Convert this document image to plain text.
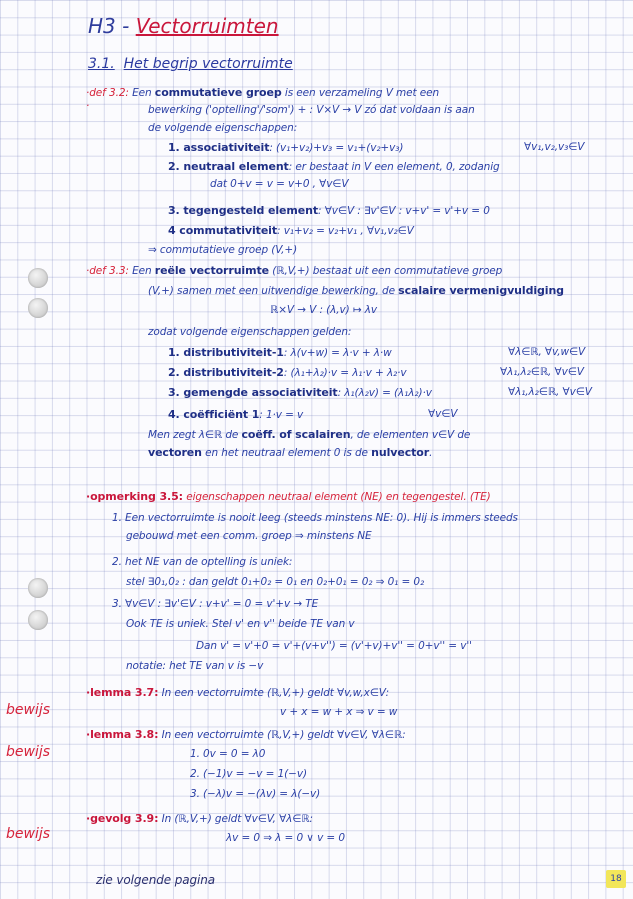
H3 - Vectorruimten
3.1. Het begrip vectorruimte
·def 3.2: Een commutatieve groep is een verzameling V met een
·	bewerking ('optelling'/'som') + : V×V → V zó dat voldaan is aan
de volgende eigenschappen:
1. associativiteit: (v₁+v₂)+v₃ = v₁+(v₂+v₃)	∀v₁,v₂,v₃∈V
2. neutraal element: er bestaat in V een element, 0, zodanig
dat 0+v = v = v+0 , ∀v∈V
3. tegengesteld element: ∀v∈V : ∃v'∈V : v+v' = v'+v = 0
4 commutativiteit: v₁+v₂ = v₂+v₁ , ∀v₁,v₂∈V
⇒ commutatieve groep (V,+)
·def 3.3: Een reële vectorruimte (ℝ,V,+) bestaat uit een commutatieve groep
(V,+) samen met een uitwendige bewerking, de scalaire vermenigvuldiging
ℝ×V → V : (λ,v) ↦ λv
zodat volgende eigenschappen gelden:
1. distributiviteit-1: λ(v+w) = λ·v + λ·w	∀λ∈ℝ, ∀v,w∈V
2. distributiviteit-2: (λ₁+λ₂)·v = λ₁·v + λ₂·v	∀λ₁,λ₂∈ℝ, ∀v∈V
3. gemengde associativiteit: λ₁(λ₂v) = (λ₁λ₂)·v	∀λ₁,λ₂∈ℝ, ∀v∈V
4. coëfficiënt 1: 1·v = v	∀v∈V
Men zegt λ∈ℝ de coëff. of scalairen, de elementen v∈V de
vectoren en het neutraal element 0 is de nulvector.
·opmerking 3.5: eigenschappen neutraal element (NE) en tegengestel. (TE)
1. Een vectorruimte is nooit leeg (steeds minstens NE: 0). Hij is immers steeds
gebouwd met een comm. groep ⇒ minstens NE
2. het NE van de optelling is uniek:
stel ∃0₁,0₂ : dan geldt 0₁+0₂ = 0₁ en 0₂+0₁ = 0₂ ⇒ 0₁ = 0₂
3. ∀v∈V : ∃v'∈V : v+v' = 0 = v'+v → TE
Ook TE is uniek. Stel v' en v'' beide TE van v
Dan v' = v'+0 = v'+(v+v'') = (v'+v)+v'' = 0+v'' = v''
notatie: het TE van v is −v
·lemma 3.7: In een vectorruimte (ℝ,V,+) geldt ∀v,w,x∈V:
v + x = w + x ⇒ v = w
·lemma 3.8: In een vectorruimte (ℝ,V,+) geldt ∀v∈V, ∀λ∈ℝ:
1. 0v = 0 = λ0
2. (−1)v = −v = 1(−v)
3. (−λ)v = −(λv) = λ(−v)
·gevolg 3.9: In (ℝ,V,+) geldt ∀v∈V, ∀λ∈ℝ:
λv = 0 ⇒ λ = 0 ∨ v = 0
bewijs
bewijs
bewijs
zie volgende pagina	18
